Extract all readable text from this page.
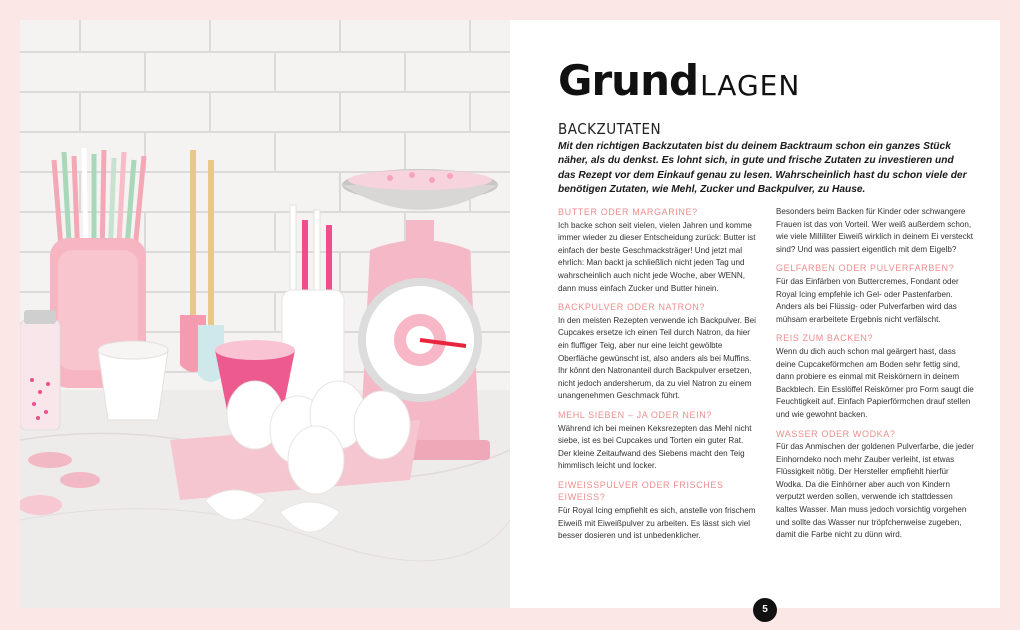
GrundLAGEN
BACKZUTATEN
Mit den richtigen Backzutaten bist du deinem Backtraum schon ein ganzes Stück näher, als du denkst. Es lohnt sich, in gute und frische Zutaten zu investieren und das Rezept vor dem Einkauf genau zu lesen. Wahrscheinlich hast du schon viele der benötigen Zutaten, wie Mehl, Zucker und Backpulver, zu Hause.
BUTTER ODER MARGARINE?
Ich backe schon seit vielen, vielen Jahren und komme immer wieder zu dieser Entscheidung zurück: Butter ist einfach der beste Geschmacksträger! Und jetzt mal ehrlich: Man backt ja schließlich nicht jeden Tag und wahrscheinlich auch nicht jede Woche, aber WENN, dann muss einfach Zucker und Butter hinein.
BACKPULVER ODER NATRON?
In den meisten Rezepten verwende ich Backpulver. Bei Cupcakes ersetze ich einen Teil durch Natron, da hier ein fluffiger Teig, aber nur eine leicht gewölbte Oberfläche gewünscht ist, also anders als bei Muffins. Ihr könnt den Natronanteil durch Backpulver ersetzen, nicht jedoch andersherum, da zu viel Natron zu einem unangenehmen Geschmack führt.
MEHL SIEBEN – JA ODER NEIN?
Während ich bei meinen Keksrezepten das Mehl nicht siebe, ist es bei Cupcakes und Torten ein guter Rat. Der kleine Zeitaufwand des Siebens macht den Teig himmlisch leicht und locker.
EIWEISSPULVER ODER FRISCHES EIWEISS?
Für Royal Icing empfiehlt es sich, anstelle von frischem Eiweiß mit Eiweißpulver zu arbeiten. Es lässt sich viel besser dosieren und ist unbedenklicher.
Besonders beim Backen für Kinder oder schwangere Frauen ist das von Vorteil. Wer weiß außerdem schon, wie viele Milliliter Eiweiß wirklich in deinem Ei versteckt sind? Und was passiert eigentlich mit dem Eigelb?
GELFARBEN ODER PULVERFARBEN?
Für das Einfärben von Buttercremes, Fondant oder Royal Icing empfehle ich Gel- oder Pastenfarben. Anders als bei Flüssig- oder Pulverfarben wird das mühsam erarbeitete Ergebnis nicht verfälscht.
REIS ZUM BACKEN?
Wenn du dich auch schon mal geärgert hast, dass deine Cupcakeförmchen am Boden sehr fettig sind, dann probiere es einmal mit Reiskörnern in deinem Backblech. Ein Esslöffel Reiskörner pro Form saugt die Feuchtigkeit auf. Einfach Papierförmchen drauf stellen und wie gewohnt backen.
WASSER ODER WODKA?
Für das Anmischen der goldenen Pulverfarbe, die jeder Einhorndeko noch mehr Zauber verleiht, ist etwas Flüssigkeit nötig. Der Hersteller empfiehlt hierfür Wodka. Da die Einhörner aber auch von Kindern verputzt werden sollen, verwende ich stattdessen kaltes Wasser. Man muss jedoch vorsichtig vorgehen und sollte das Wasser nur tröpfchenweise zugeben, damit die Farbe nicht zu dünn wird.
5
